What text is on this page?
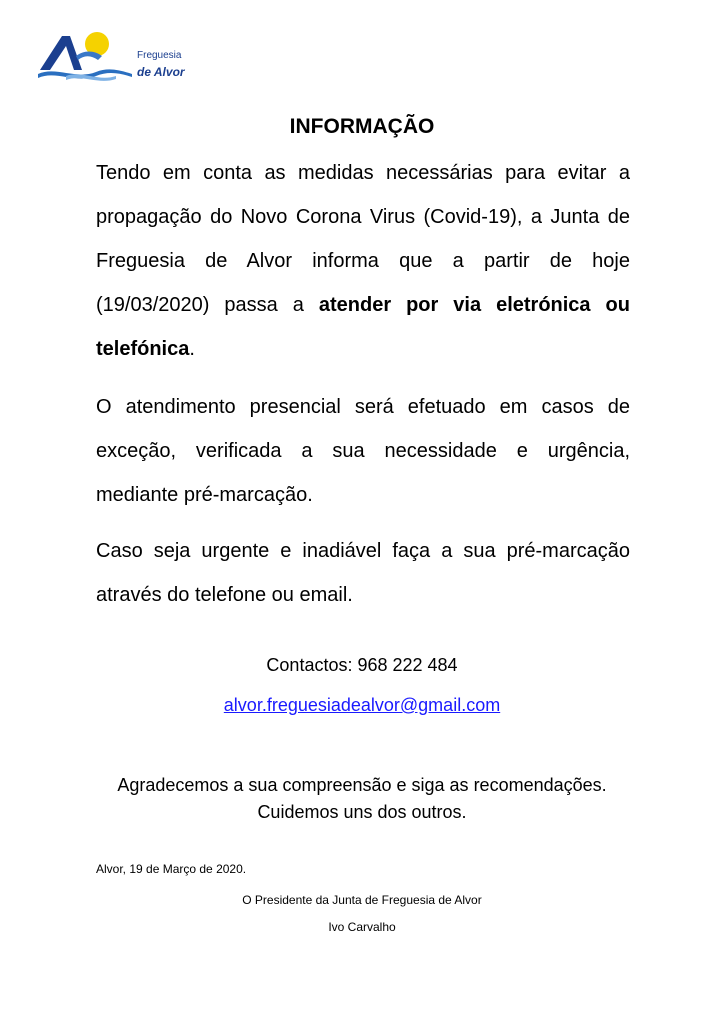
Freguesia
de Alvor
INFORMAÇÃO

Tendo em conta as medidas necessárias para evitar a propagação do Novo Corona Virus (Covid-19), a Junta de Freguesia de Alvor informa que a partir de hoje (19/03/2020) passa a atender por via eletrónica ou telefónica.

O atendimento presencial será efetuado em casos de exceção, verificada a sua necessidade e urgência, mediante pré-marcação.

Caso seja urgente e inadiável faça a sua pré-marcação através do telefone ou email.

Contactos: 968 222 484
alvor.freguesiadealvor@gmail.com
Agradecemos a sua compreensão e siga as recomendações.
Cuidemos uns dos outros.
Alvor, 19 de Março de 2020.
O Presidente da Junta de Freguesia de Alvor
Ivo Carvalho
